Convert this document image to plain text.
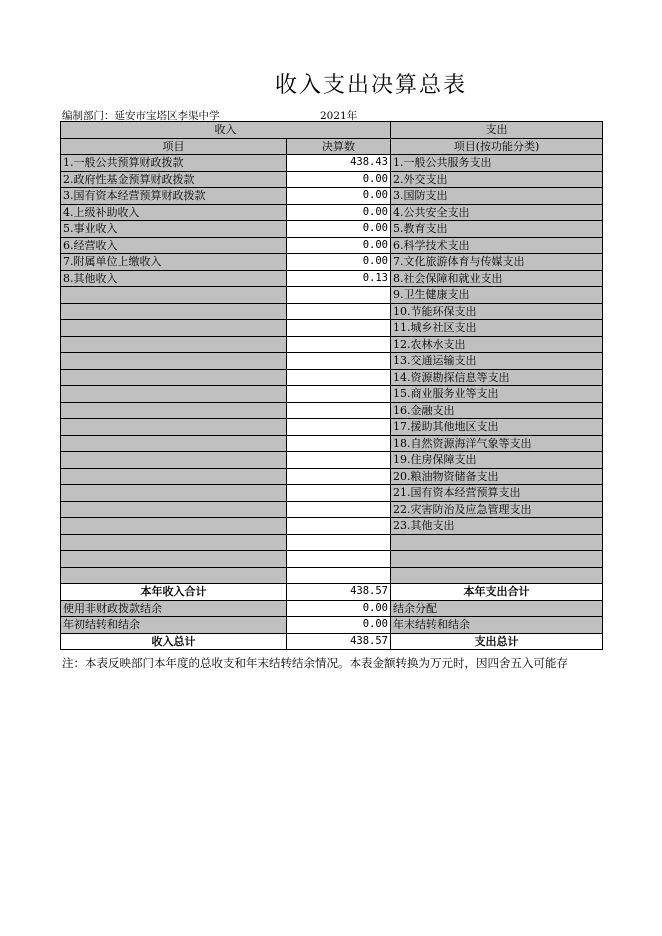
收入支出决算总表
编制部门：延安市宝塔区李渠中学	2021年
收入		支出
项目	决算数	项目(按功能分类)
1.一般公共预算财政拨款	438.43	1.一般公共服务支出
2.政府性基金预算财政拨款	0.00	2.外交支出
3.国有资本经营预算财政拨款	0.00	3.国防支出
4.上级补助收入	0.00	4.公共安全支出
5.事业收入	0.00	5.教育支出
6.经营收入	0.00	6.科学技术支出
7.附属单位上缴收入	0.00	7.文化旅游体育与传媒支出
8.其他收入	0.13	8.社会保障和就业支出
		9.卫生健康支出
		10.节能环保支出
		11.城乡社区支出
		12.农林水支出
		13.交通运输支出
		14.资源勘探信息等支出
		15.商业服务业等支出
		16.金融支出
		17.援助其他地区支出
		18.自然资源海洋气象等支出
		19.住房保障支出
		20.粮油物资储备支出
		21.国有资本经营预算支出
		22.灾害防治及应急管理支出
		23.其他支出

本年收入合计	438.57	本年支出合计
使用非财政拨款结余	0.00	结余分配
年初结转和结余	0.00	年末结转和结余
收入总计	438.57	支出总计
注：本表反映部门本年度的总收支和年末结转结余情况。本表金额转换为万元时，因四舍五入可能存
